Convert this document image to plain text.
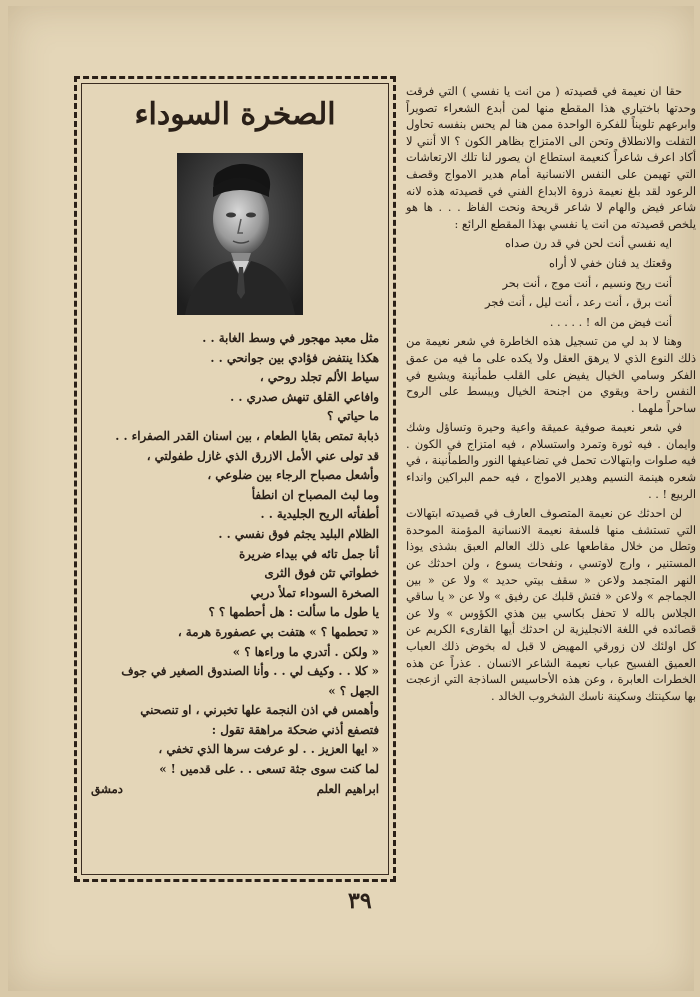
حقا ان نعيمة في قصيدته ( من انت يا نفسي ) التي فرقت وحدتها باختياري هذا المقطع منها لمن أبدع الشعراء تصويراً وابرعهم تلويناً للفكرة الواحدة ممن هنا لم يحس بنفسه تحاول التفلت والانطلاق وتحن الى الامتزاج بظاهر الكون ؟ الا أنني لا أكاد اعرف شاعراً كنعيمة استطاع ان يصور لنا تلك الارتعاشات التي تهيمن على النفس الانسانية أمام هدير الامواج وقصف الرعود لقد بلغ نعيمة ذروة الابداع الفني في قصيدته هذه لانه شاعر فيض والهام لا شاعر قريحة ونحت الفاظ . . . ها هو يلخص قصيدته من انت يا نفسي بهذا المقطع الرائع :

ايه نفسي أنت لحن في قد رن صداه

وقعتك يد فنان خفي لا أراه

أنت ريح ونسيم ، أنت موج ، أنت بحر

أنت برق ، أنت رعد ، أنت ليل ، أنت فجر

أنت فيض من اله ! . . . . .

وهنا لا بد لي من تسجيل هذه الخاطرة في شعر نعيمة من ذلك النوع الذي لا يرهق العقل ولا يكده على ما فيه من عمق الفكر وسامي الخيال يفيض على القلب طمأنينة ويشيع في النفس راحة ويقوي من اجنحة الخيال ويبسط على الروح ساحراً ملهما .

في شعر نعيمة صوفية عميقة واعية وحيرة وتساؤل وشك وايمان . فيه ثورة وتمرد واستسلام ، فيه امتزاج في الكون . فيه صلوات وابتهالات تحمل في تضاعيفها النور والطمأنينة ، في شعره هينمة النسيم وهدير الامواج ، فيه حمم البراكين وانداء الربيع ! . .

لن احدثك عن نعيمة المتصوف العارف في قصيدته ابتهالات التي تستشف منها فلسفة نعيمة الانسانية المؤمنة الموحدة وتطل من خلال مقاطعها على ذلك العالم العبق بشذى يوذا المستنير ، وارج لاوتسي ، ونفحات يسوع ، ولن احدثك عن النهر المتجمد ولاعن « سقف بيتي حديد » ولا عن « بين الجماجم » ولاعن « فتش قلبك عن رفيق » ولا عن « يا ساقي الجلاس بالله لا تحفل بكاسي بين هذي الكؤوس » ولا عن قصائده في اللغة الانجليزية لن احدثك أيها القارىء الكريم عن كل اولئك لان زورقي المهيض لا قبل له بخوض ذلك العباب العميق الفسيح عباب نعيمة الشاعر الانسان . عذراً عن هذه الخطرات العابرة ، وعن هذه الأحاسيس الساذجة التي ازعجت بها سكينتك وسكينة ناسك الشخروب الخالد .

الصخرة السوداء
مثل معبد مهجور في وسط الغابة . .
هكذا ينتفض فؤادي بين جوانحي . .
سياط الألم تجلد روحي ،
وافاعي القلق تنهش صدري . .
ما حياتي ؟
ذبابة تمتص بقايا الطعام ، بين اسنان القدر الصفراء . .
قد تولى عني الأمل الازرق الذي غازل طفولتي ،
وأشعل مصباح الرجاء بين ضلوعي ،
وما لبث المصباح ان انطفأ
أطفأته الريح الجليدية . .
الظلام البليد يجثم فوق نفسي . .
أنا جمل تائه في بيداء ضريرة
خطواتي تئن فوق الثرى
الصخرة السوداء تملأ دربي
يا طول ما سألت : هل أحطمها ؟ ؟
« تحطمها ؟ » هتفت بي عصفورة هرمة ،
« ولكن . أتدري ما وراءها ؟ »
« كلا . . وكيف لي . . وأنا الصندوق الصغير في جوف
الجهل ؟ »
وأهمس في اذن النجمة علها تخبرني ، او تنصحني
فتصفع أذني ضحكة مراهقة تقول :
« ايها العزيز . . لو عرفت سرها الذي تخفي ،
لما كنت سوى جثة تسعى . . على قدميں ! »
ابراهيم العلم
دمشق
٣٩
